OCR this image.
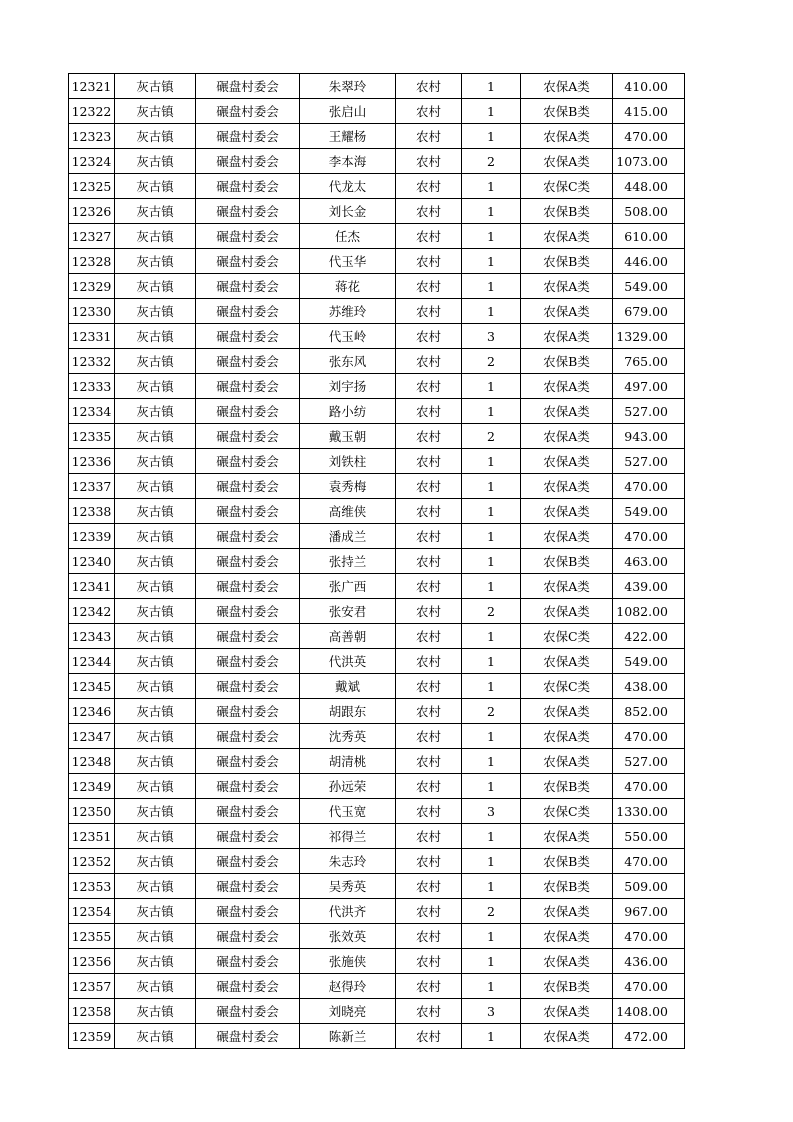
12321	灰古镇	碾盘村委会	朱翠玲	农村	1	农保A类	410.00
12322	灰古镇	碾盘村委会	张启山	农村	1	农保B类	415.00
12323	灰古镇	碾盘村委会	王耀杨	农村	1	农保A类	470.00
12324	灰古镇	碾盘村委会	李本海	农村	2	农保A类	1073.00
12325	灰古镇	碾盘村委会	代龙太	农村	1	农保C类	448.00
12326	灰古镇	碾盘村委会	刘长金	农村	1	农保B类	508.00
12327	灰古镇	碾盘村委会	任杰	农村	1	农保A类	610.00
12328	灰古镇	碾盘村委会	代玉华	农村	1	农保B类	446.00
12329	灰古镇	碾盘村委会	蒋花	农村	1	农保A类	549.00
12330	灰古镇	碾盘村委会	苏维玲	农村	1	农保A类	679.00
12331	灰古镇	碾盘村委会	代玉岭	农村	3	农保A类	1329.00
12332	灰古镇	碾盘村委会	张东风	农村	2	农保B类	765.00
12333	灰古镇	碾盘村委会	刘宇扬	农村	1	农保A类	497.00
12334	灰古镇	碾盘村委会	路小纺	农村	1	农保A类	527.00
12335	灰古镇	碾盘村委会	戴玉朝	农村	2	农保A类	943.00
12336	灰古镇	碾盘村委会	刘铁柱	农村	1	农保A类	527.00
12337	灰古镇	碾盘村委会	袁秀梅	农村	1	农保A类	470.00
12338	灰古镇	碾盘村委会	高维侠	农村	1	农保A类	549.00
12339	灰古镇	碾盘村委会	潘成兰	农村	1	农保A类	470.00
12340	灰古镇	碾盘村委会	张持兰	农村	1	农保B类	463.00
12341	灰古镇	碾盘村委会	张广西	农村	1	农保A类	439.00
12342	灰古镇	碾盘村委会	张安君	农村	2	农保A类	1082.00
12343	灰古镇	碾盘村委会	高善朝	农村	1	农保C类	422.00
12344	灰古镇	碾盘村委会	代洪英	农村	1	农保A类	549.00
12345	灰古镇	碾盘村委会	戴斌	农村	1	农保C类	438.00
12346	灰古镇	碾盘村委会	胡跟东	农村	2	农保A类	852.00
12347	灰古镇	碾盘村委会	沈秀英	农村	1	农保A类	470.00
12348	灰古镇	碾盘村委会	胡清桃	农村	1	农保A类	527.00
12349	灰古镇	碾盘村委会	孙远荣	农村	1	农保B类	470.00
12350	灰古镇	碾盘村委会	代玉宽	农村	3	农保C类	1330.00
12351	灰古镇	碾盘村委会	祁得兰	农村	1	农保A类	550.00
12352	灰古镇	碾盘村委会	朱志玲	农村	1	农保B类	470.00
12353	灰古镇	碾盘村委会	吴秀英	农村	1	农保B类	509.00
12354	灰古镇	碾盘村委会	代洪齐	农村	2	农保A类	967.00
12355	灰古镇	碾盘村委会	张效英	农村	1	农保A类	470.00
12356	灰古镇	碾盘村委会	张施侠	农村	1	农保A类	436.00
12357	灰古镇	碾盘村委会	赵得玲	农村	1	农保B类	470.00
12358	灰古镇	碾盘村委会	刘晓亮	农村	3	农保A类	1408.00
12359	灰古镇	碾盘村委会	陈新兰	农村	1	农保A类	472.00
